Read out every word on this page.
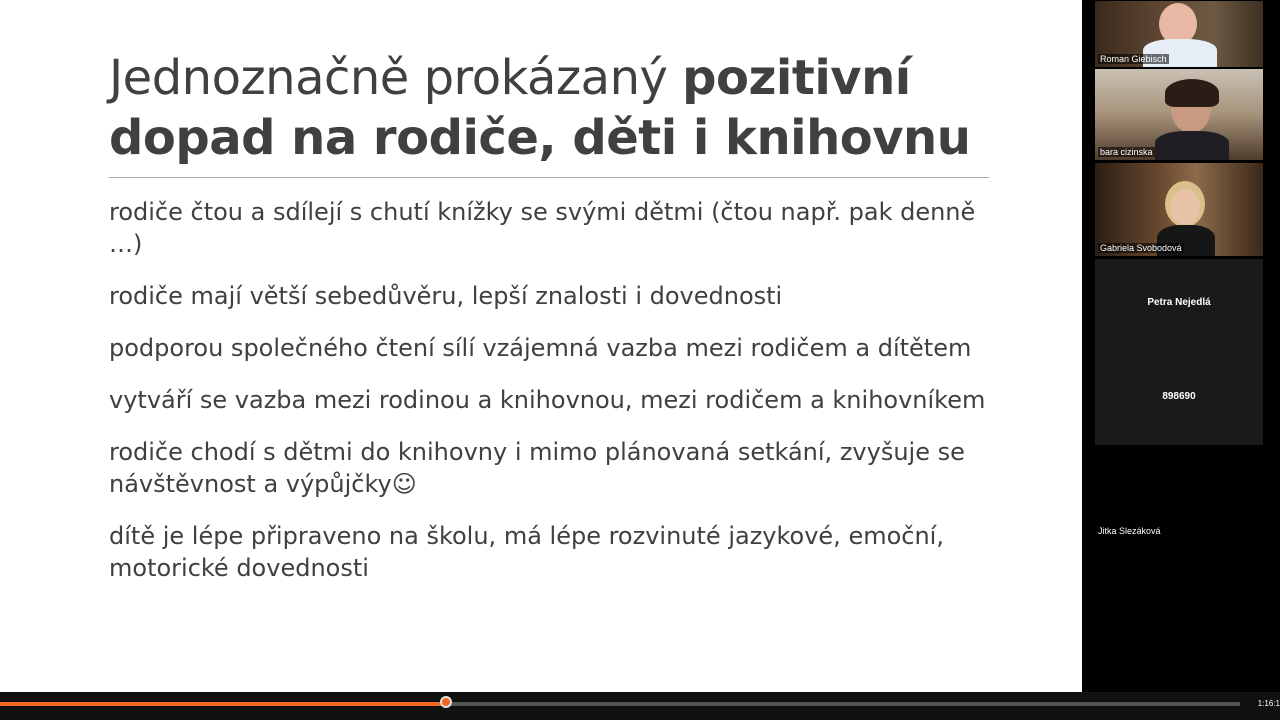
Jednoznačně prokázaný pozitivní
dopad na rodiče, děti i knihovnu
rodiče čtou a sdílejí s chutí knížky se svými dětmi (čtou např. pak denně …)
rodiče mají větší sebedůvěru, lepší znalosti i dovednosti
podporou společného čtení sílí vzájemná vazba mezi rodičem a dítětem
vytváří se vazba mezi rodinou a knihovnou, mezi rodičem a knihovníkem
rodiče chodí s dětmi do knihovny i mimo plánovaná setkání, zvyšuje se návštěvnost a výpůjčky☺
dítě je lépe připraveno na školu, má lépe rozvinuté jazykové, emoční, motorické dovednosti
Roman Giebisch
bara cizinska
Gabriela Svobodová
Petra Nejedlá
898690
Jitka Slezáková
1:16:1
